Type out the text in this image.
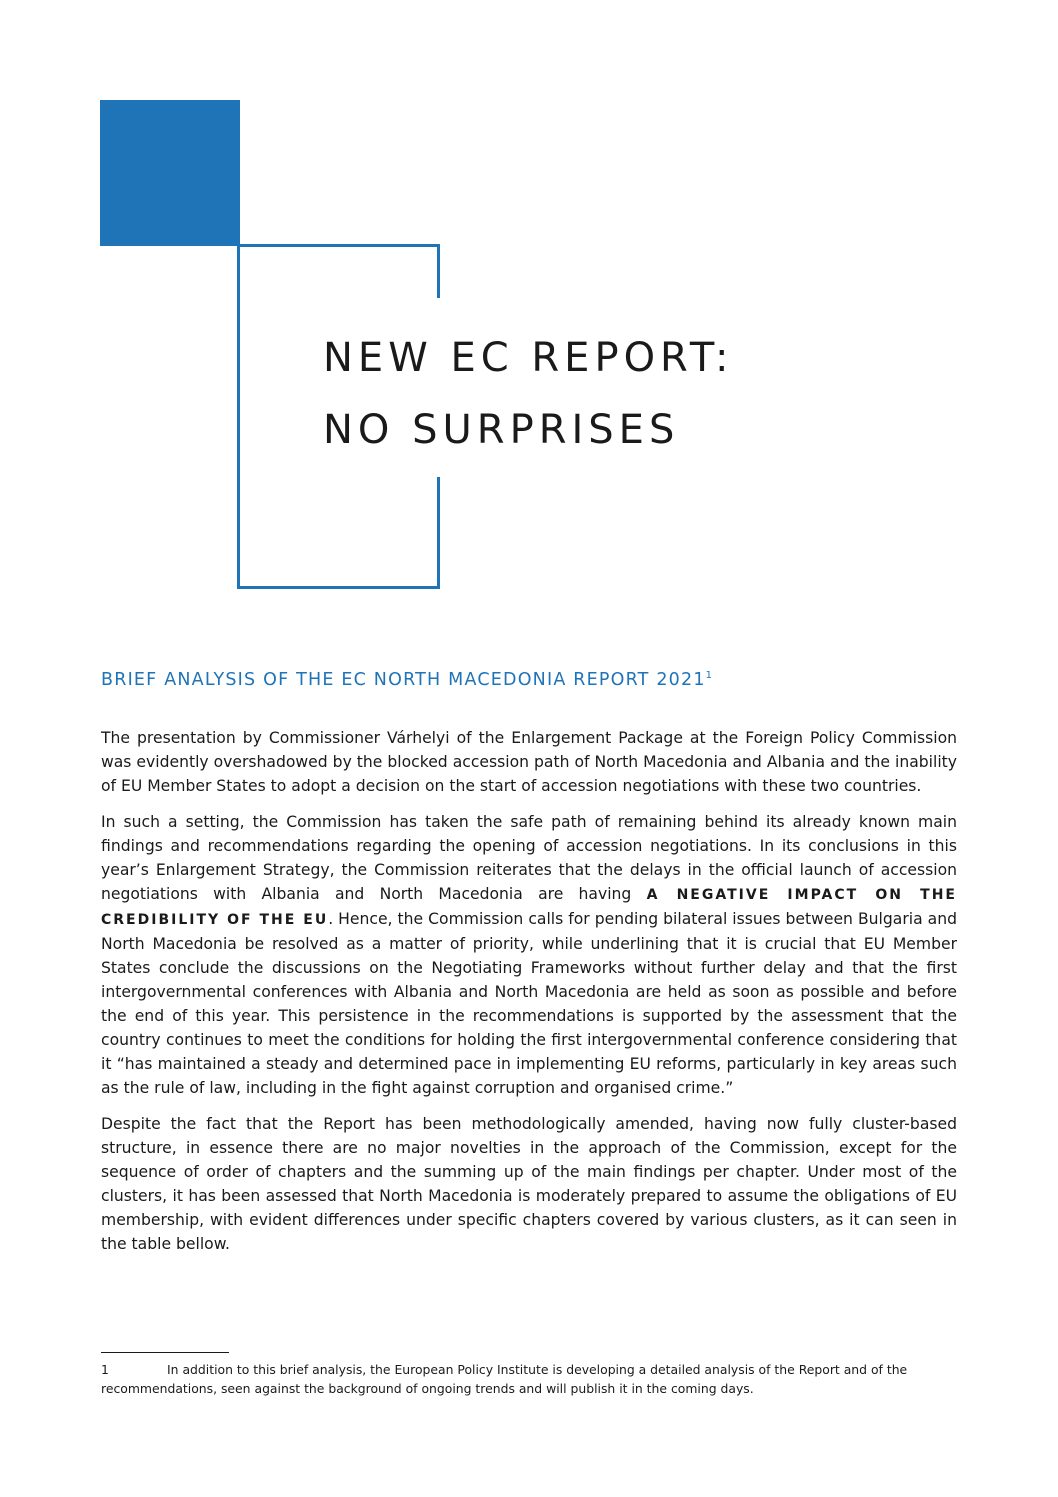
NEW EC REPORT:
NO SURPRISES
BRIEF ANALYSIS OF THE EC NORTH MACEDONIA REPORT 2021$^1$

The presentation by Commissioner Várhelyi of the Enlargement Package at the Foreign Policy Commission was evidently overshadowed by the blocked accession path of North Macedonia and Albania and the inability of EU Member States to adopt a decision on the start of accession negotiations with these two countries.

In such a setting, the Commission has taken the safe path of remaining behind its already known main findings and recommendations regarding the opening of accession negotiations. In its conclusions in this year’s Enlargement Strategy, the Commission reiterates that the delays in the official launch of accession negotiations with Albania and North Macedonia are having A NEGATIVE IMPACT ON THE CREDIBILITY OF THE EU. Hence, the Commission calls for pending bilateral issues between Bulgaria and North Macedonia be resolved as a matter of priority, while underlining that it is crucial that EU Member States conclude the discussions on the Negotiating Frameworks without further delay and that the first intergovernmental conferences with Albania and North Macedonia are held as soon as possible and before the end of this year. This persistence in the recommendations is supported by the assessment that the country continues to meet the conditions for holding the first intergovernmental conference considering that it “has maintained a steady and determined pace in implementing EU reforms, particularly in key areas such as the rule of law, including in the fight against corruption and organised crime.”

Despite the fact that the Report has been methodologically amended, having now fully cluster-based structure, in essence there are no major novelties in the approach of the Commission, except for the sequence of order of chapters and the summing up of the main findings per chapter. Under most of the clusters, it has been assessed that North Macedonia is moderately prepared to assume the obligations of EU membership, with evident differences under specific chapters covered by various clusters, as it can seen in the table bellow.

1	In addition to this brief analysis, the European Policy Institute is developing a detailed analysis of the Report and of the recommendations, seen against the background of ongoing trends and will publish it in the coming days.
